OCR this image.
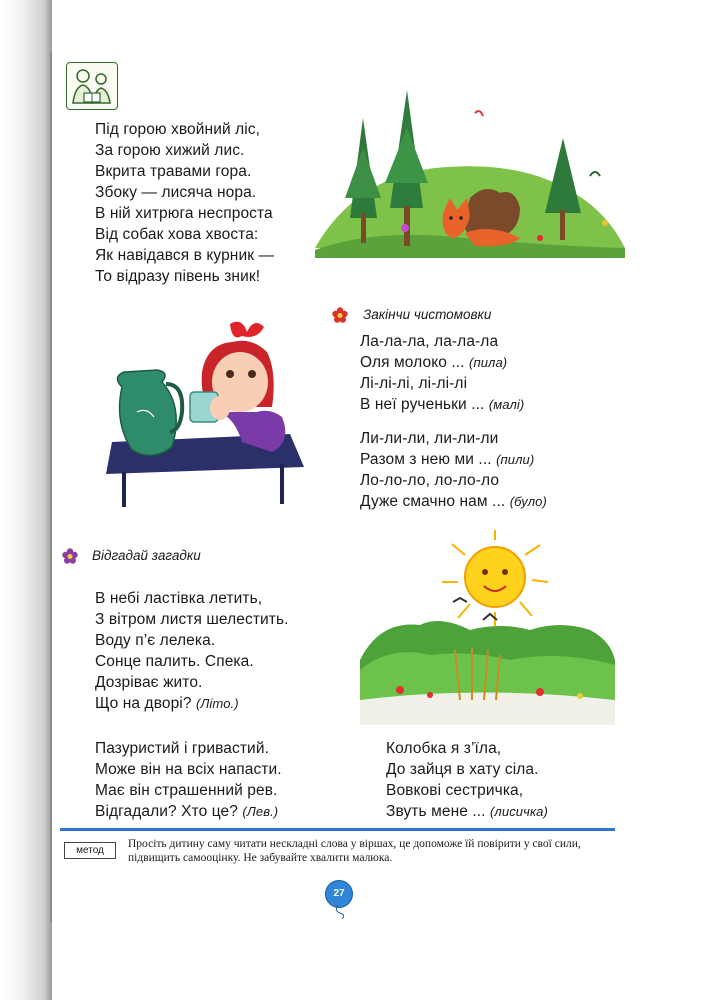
Під горою хвойний ліс,
За горою хижий лис.
Вкрита травами гора.
Збоку — лисяча нора.
В ній хитрюга неспроста
Від собак хова хвоста:
Як навідався в курник —
То відразу півень зник!
Закінчи чистомовки
Ла-ла-ла, ла-ла-ла
Оля молоко ... (пила)
Лі-лі-лі, лі-лі-лі
В неї рученьки ... (малі)
Ли-ли-ли, ли-ли-ли
Разом з нею ми ... (пили)
Ло-ло-ло, ло-ло-ло
Дуже смачно нам ... (було)
Відгадай загадки
В небі ластівка летить,
З вітром листя шелестить.
Воду п’є лелека.
Сонце палить. Спека.
Дозріває жито.
Що на дворі? (Літо.)
Пазуристий і гривастий.
Може він на всіх напасти.
Має він страшенний рев.
Відгадали? Хто це? (Лев.)
Колобка я з’їла,
До зайця в хату сіла.
Вовкові сестричка,
Звуть мене ... (лисичка)
метод
Просіть дитину саму читати нескладні слова у віршах, це допоможе їй повірити у свої сили, підвищить самооцінку. Не забувайте хвалити малюка.
27
